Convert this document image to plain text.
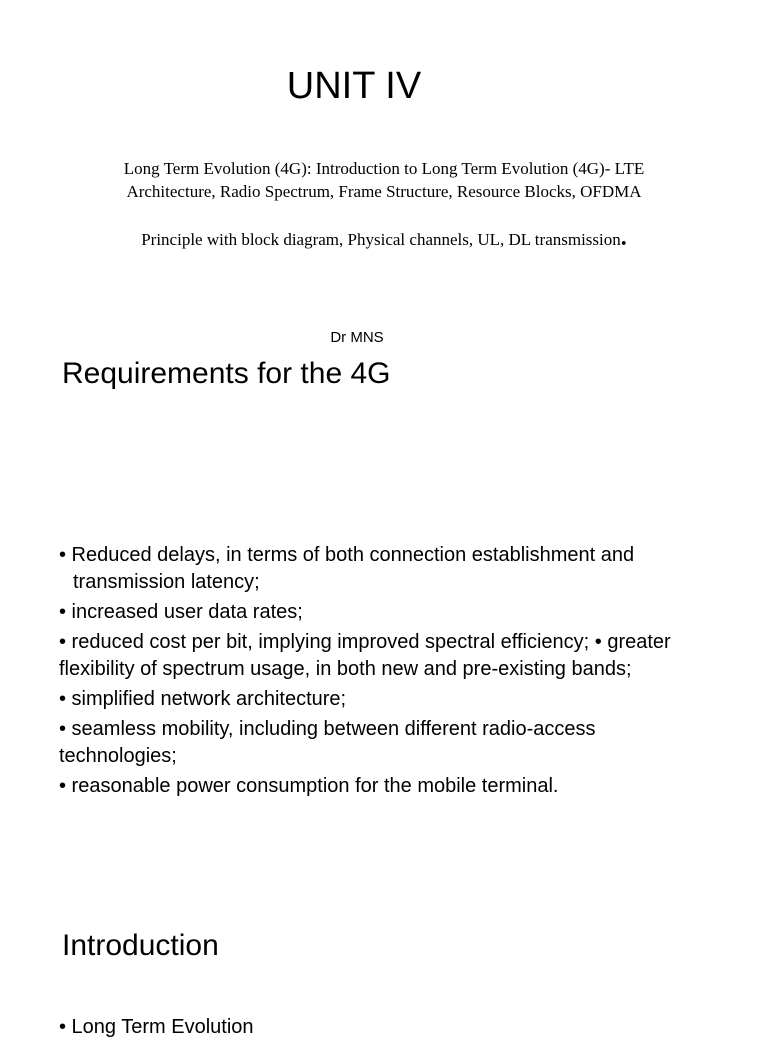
UNIT IV
Long Term Evolution (4G): Introduction to Long Term Evolution (4G)- LTE
Architecture, Radio Spectrum, Frame Structure, Resource Blocks, OFDMA
Principle with block diagram, Physical channels, UL, DL transmission.
Dr MNS
Requirements for the 4G
• Reduced delays, in terms of both connection establishment and transmission latency;
• increased user data rates;
• reduced cost per bit, implying improved spectral efficiency; • greater flexibility of spectrum usage, in both new and pre-existing bands;
• simplified network architecture;
• seamless mobility, including between different radio-access technologies;
• reasonable power consumption for the mobile terminal.
Introduction
• Long Term Evolution
